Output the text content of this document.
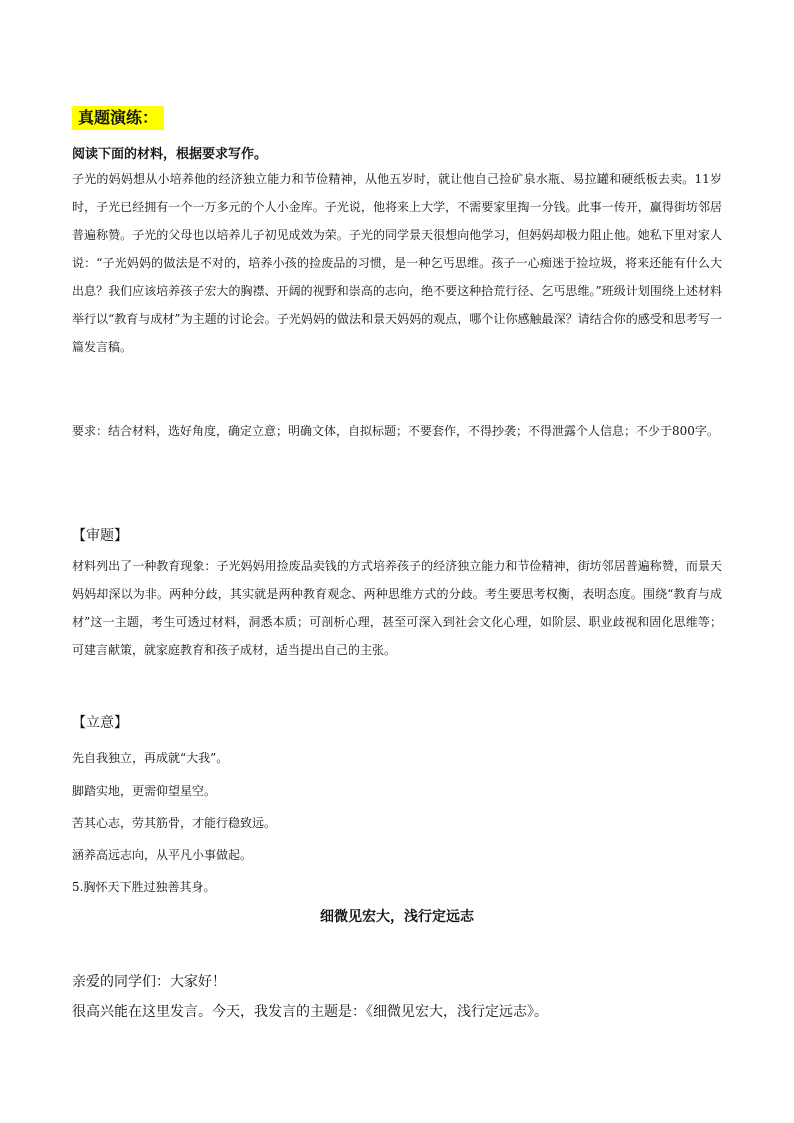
真题演练：
阅读下面的材料，根据要求写作。
子光的妈妈想从小培养他的经济独立能力和节俭精神，从他五岁时，就让他自己捡矿泉水瓶、易拉罐和硬纸板去卖。11岁时，子光已经拥有一个一万多元的个人小金库。子光说，他将来上大学，不需要家里掏一分钱。此事一传开，赢得街坊邻居普遍称赞。子光的父母也以培养儿子初见成效为荣。子光的同学景天很想向他学习，但妈妈却极力阻止他。她私下里对家人说：“子光妈妈的做法是不对的，培养小孩的捡废品的习惯，是一种乞丐思维。孩子一心痴迷于捡垃圾，将来还能有什么大出息？我们应该培养孩子宏大的胸襟、开阔的视野和崇高的志向，绝不要这种拾荒行径、乞丐思维。”班级计划围绕上述材料举行以“教育与成材”为主题的讨论会。子光妈妈的做法和景天妈妈的观点，哪个让你感触最深？请结合你的感受和思考写一篇发言稿。
要求：结合材料，选好角度，确定立意；明确文体，自拟标题；不要套作，不得抄袭；不得泄露个人信息；不少于800字。
【审题】
材料列出了一种教育现象：子光妈妈用捡废品卖钱的方式培养孩子的经济独立能力和节俭精神，街坊邻居普遍称赞，而景天妈妈却深以为非。两种分歧，其实就是两种教育观念、两种思维方式的分歧。考生要思考权衡，表明态度。围绕“教育与成材”这一主题，考生可透过材料，洞悉本质；可剖析心理，甚至可深入到社会文化心理，如阶层、职业歧视和固化思维等；可建言献策，就家庭教育和孩子成材，适当提出自己的主张。
【立意】
先自我独立，再成就“大我”。
脚踏实地，更需仰望星空。
苦其心志，劳其筋骨，才能行稳致远。
涵养高远志向，从平凡小事做起。
5.胸怀天下胜过独善其身。
细微见宏大，浅行定远志
亲爱的同学们：大家好！
很高兴能在这里发言。今天，我发言的主题是：《细微见宏大，浅行定远志》。
